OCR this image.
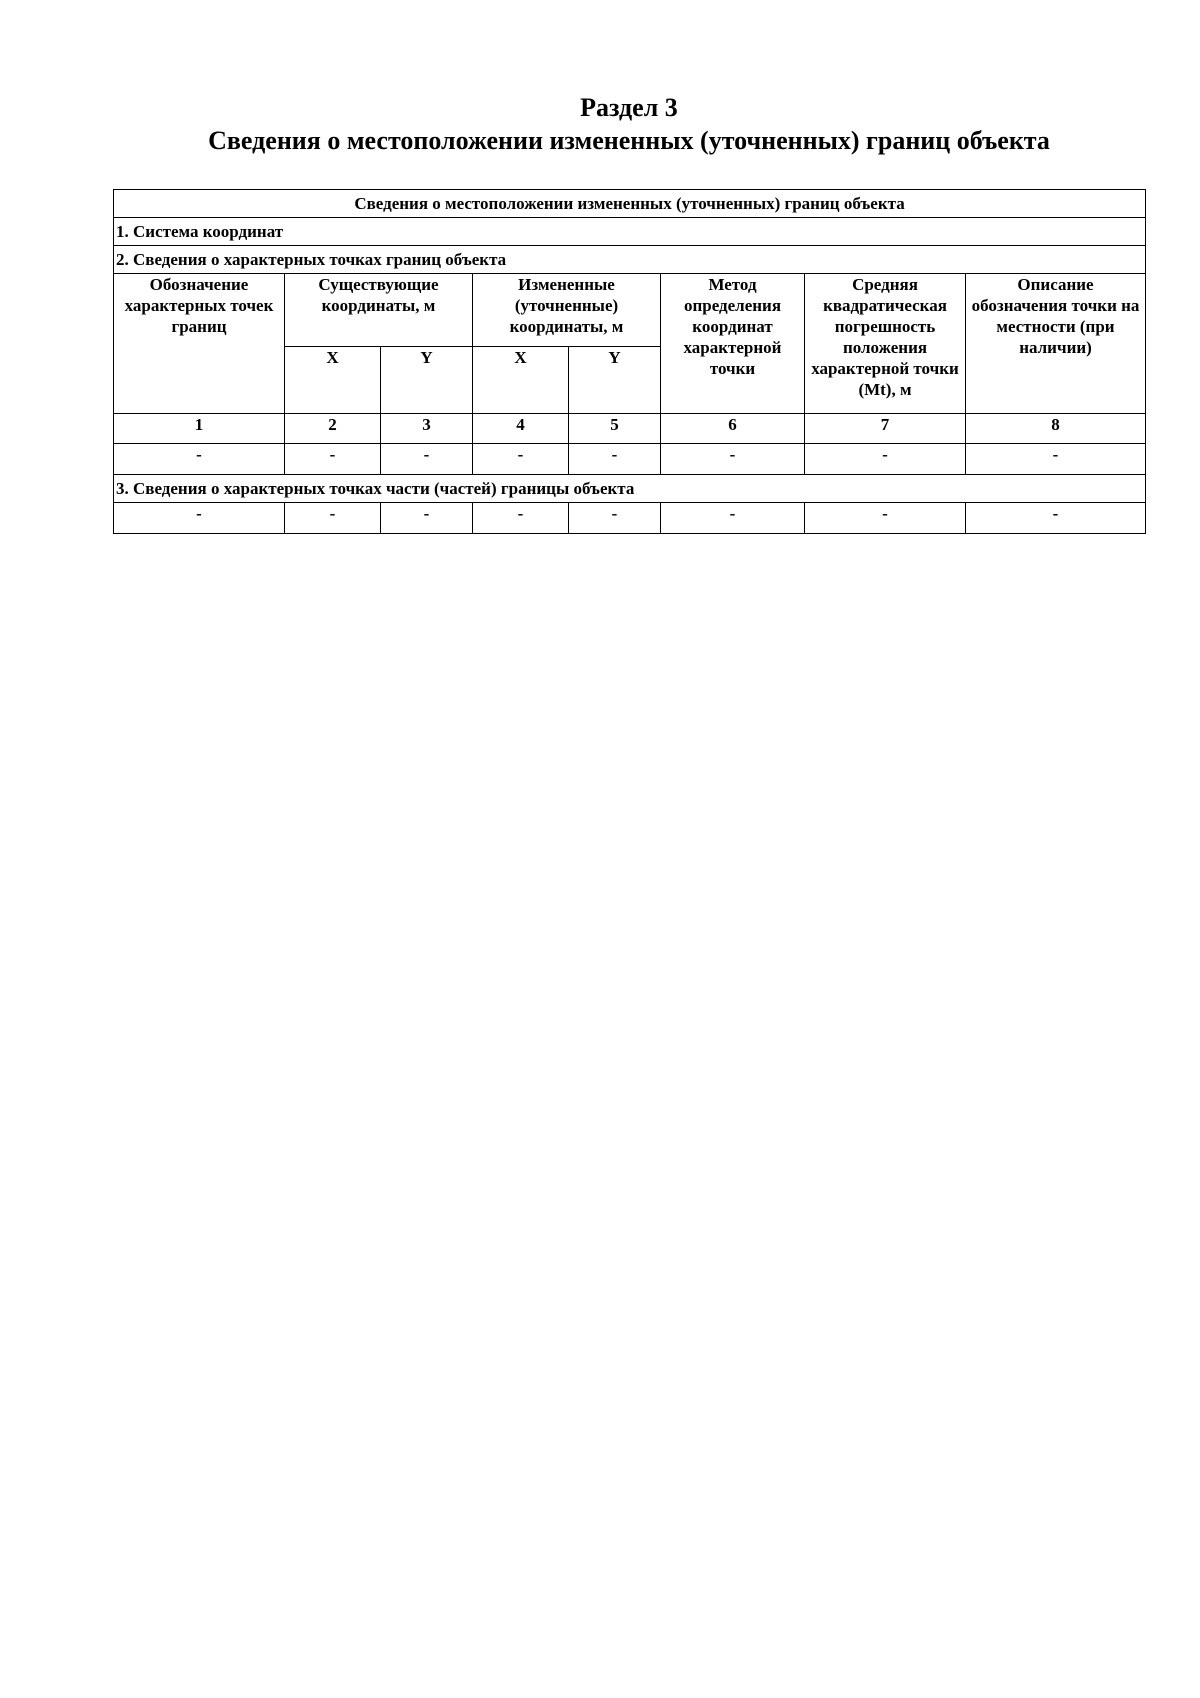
Раздел 3
Сведения о местоположении измененных (уточненных) границ объекта
Сведения о местоположении измененных (уточненных) границ объекта							
1. Система координат							
2. Сведения о характерных точках границ объекта							
Обозначение характерных точек границ	Существующие координаты, м		Измененные (уточненные) координаты, м		Метод определения координат характерной точки	Средняя квадратическая погрешность положения характерной точки (Mt), м	Описание обозначения точки на местности (при наличии)
	X	Y	X	Y			
1	2	3	4	5	6	7	8
-	-	-	-	-	-	-	-
3. Сведения о характерных точках части (частей) границы объекта							
-	-	-	-	-	-	-	-
